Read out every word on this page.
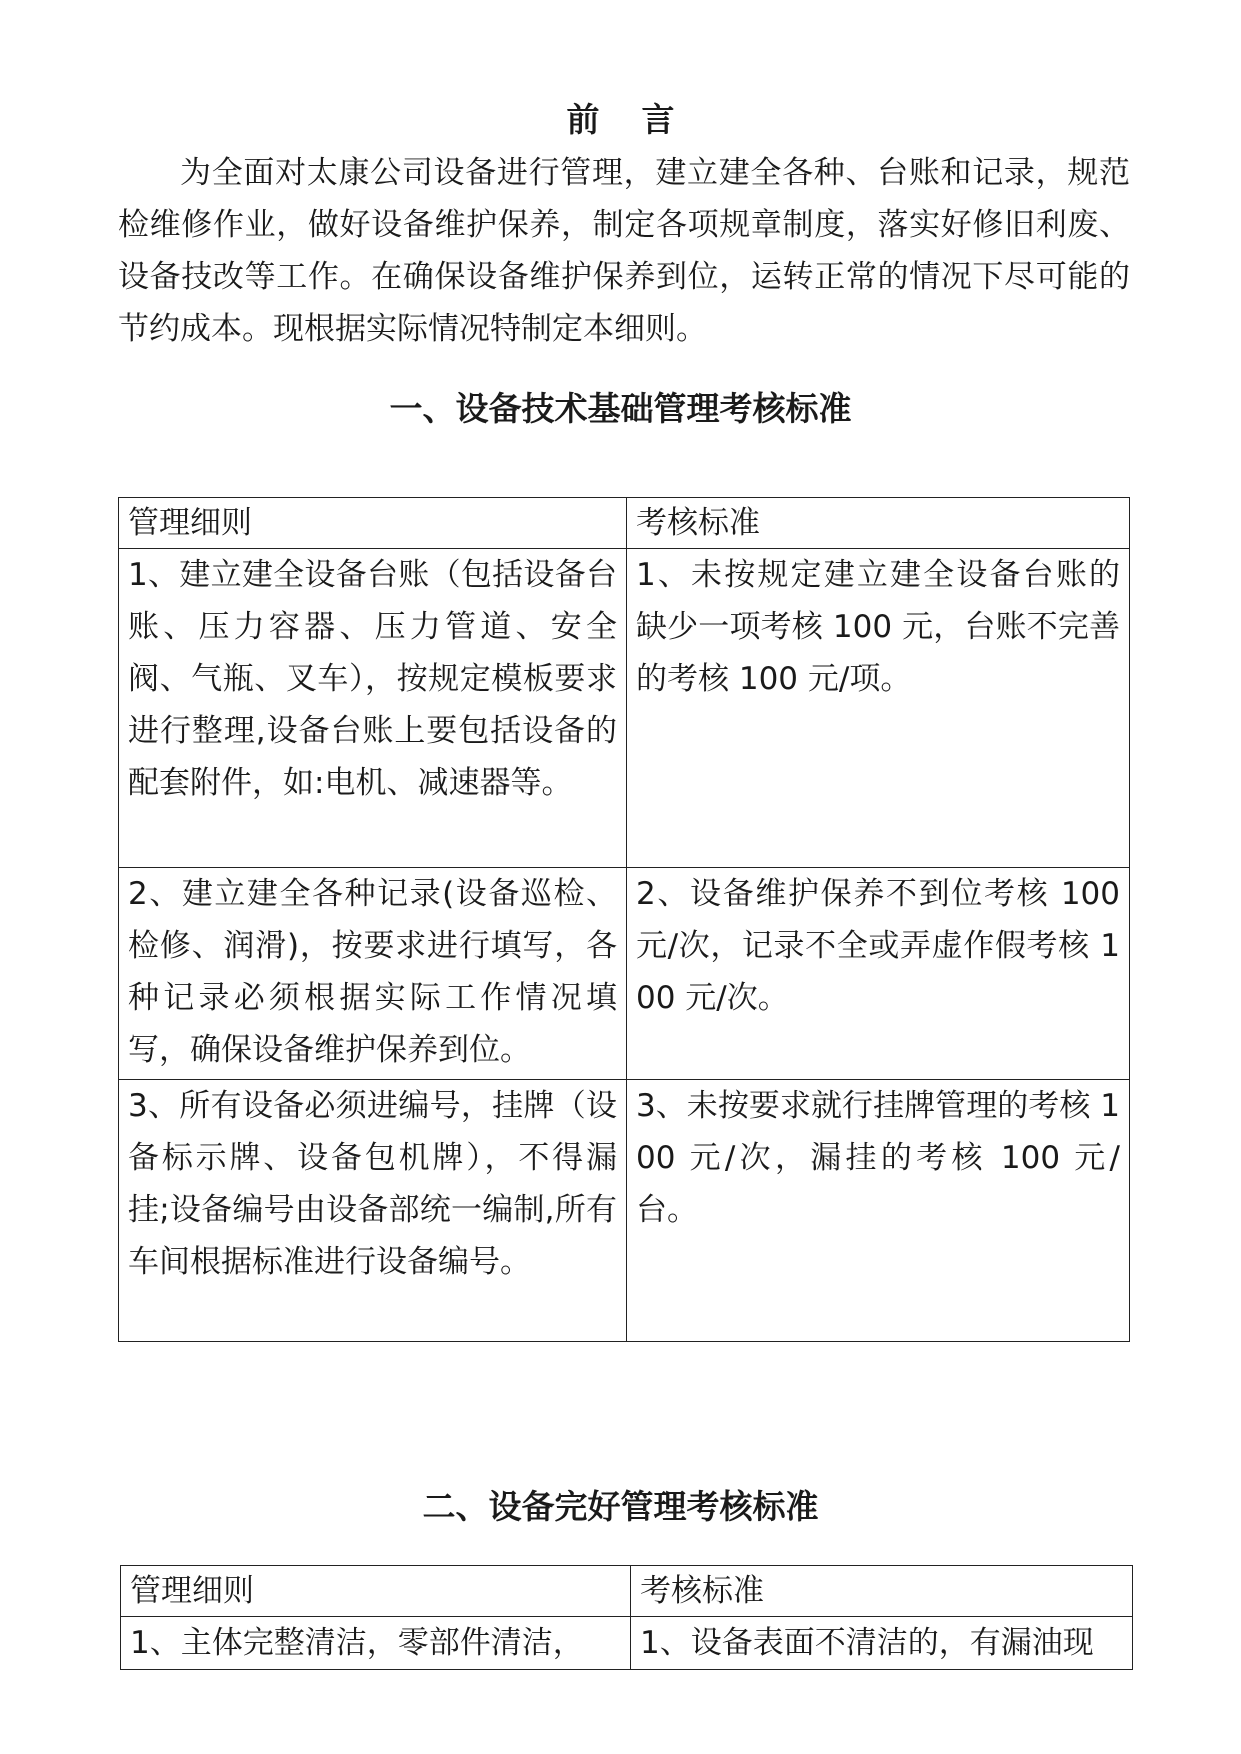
前言

为全面对太康公司设备进行管理，建立建全各种、台账和记录，规范检维修作业，做好设备维护保养，制定各项规章制度，落实好修旧利废、设备技改等工作。在确保设备维护保养到位，运转正常的情况下尽可能的节约成本。现根据实际情况特制定本细则。

一、设备技术基础管理考核标准
管理细则	考核标准
1、建立建全设备台账（包括设备台账、压力容器、压力管道、安全阀、气瓶、叉车），按规定模板要求进行整理,设备台账上要包括设备的配套附件，如:电机、减速器等。	1、未按规定建立建全设备台账的缺少一项考核 100 元，台账不完善的考核 100 元/项。
2、建立建全各种记录(设备巡检、检修、润滑)，按要求进行填写，各种记录必须根据实际工作情况填写，确保设备维护保养到位。	2、设备维护保养不到位考核 100 元/次，记录不全或弄虚作假考核 100 元/次。
3、所有设备必须进编号，挂牌（设备标示牌、设备包机牌），不得漏挂;设备编号由设备部统一编制,所有车间根据标准进行设备编号。	3、未按要求就行挂牌管理的考核 100 元/次，漏挂的考核 100 元/台。
二、设备完好管理考核标准
管理细则	考核标准
1、主体完整清洁，零部件清洁，	1、设备表面不清洁的，有漏油现
